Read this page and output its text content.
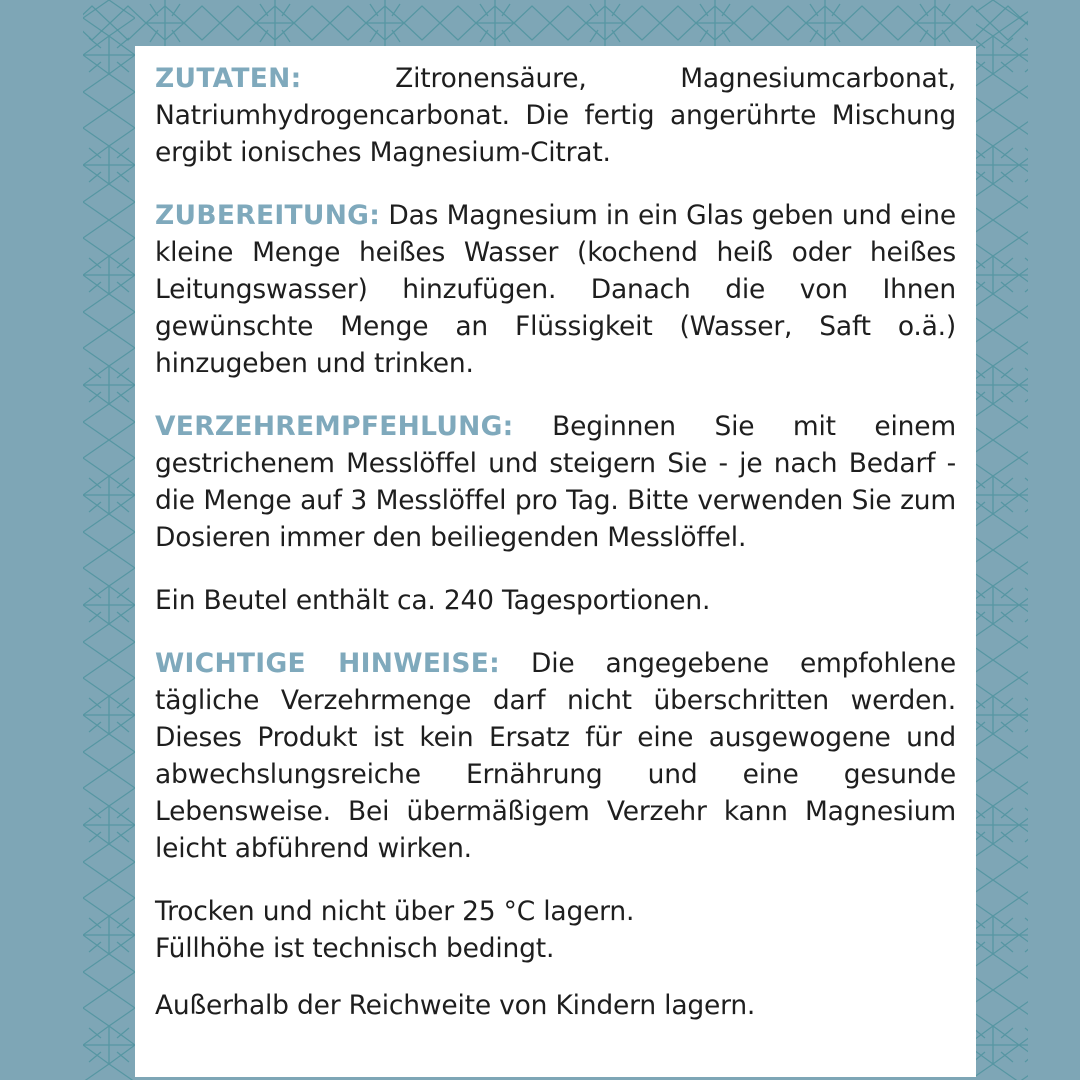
ZUTATEN: Zitronensäure, Magnesiumcarbonat, Natriumhydrogencarbonat. Die fertig angerührte Mischung ergibt ionisches Magnesium-Citrat.

ZUBEREITUNG: Das Magnesium in ein Glas geben und eine kleine Menge heißes Wasser (kochend heiß oder heißes Leitungswasser) hinzufügen. Danach die von Ihnen gewünschte Menge an Flüssigkeit (Wasser, Saft o.ä.) hinzugeben und trinken.

VERZEHREMPFEHLUNG: Beginnen Sie mit einem gestrichenem Messlöffel und steigern Sie - je nach Bedarf - die Menge auf 3 Messlöffel pro Tag. Bitte verwenden Sie zum Dosieren immer den beiliegenden Messlöffel.

Ein Beutel enthält ca. 240 Tagesportionen.

WICHTIGE HINWEISE: Die angegebene empfohlene tägliche Verzehrmenge darf nicht überschritten werden. Dieses Produkt ist kein Ersatz für eine ausgewogene und abwechslungsreiche Ernährung und eine gesunde Lebensweise. Bei übermäßigem Verzehr kann Magnesium leicht abführend wirken.

Trocken und nicht über 25 °C lagern.
Füllhöhe ist technisch bedingt.

Außerhalb der Reichweite von Kindern lagern.
